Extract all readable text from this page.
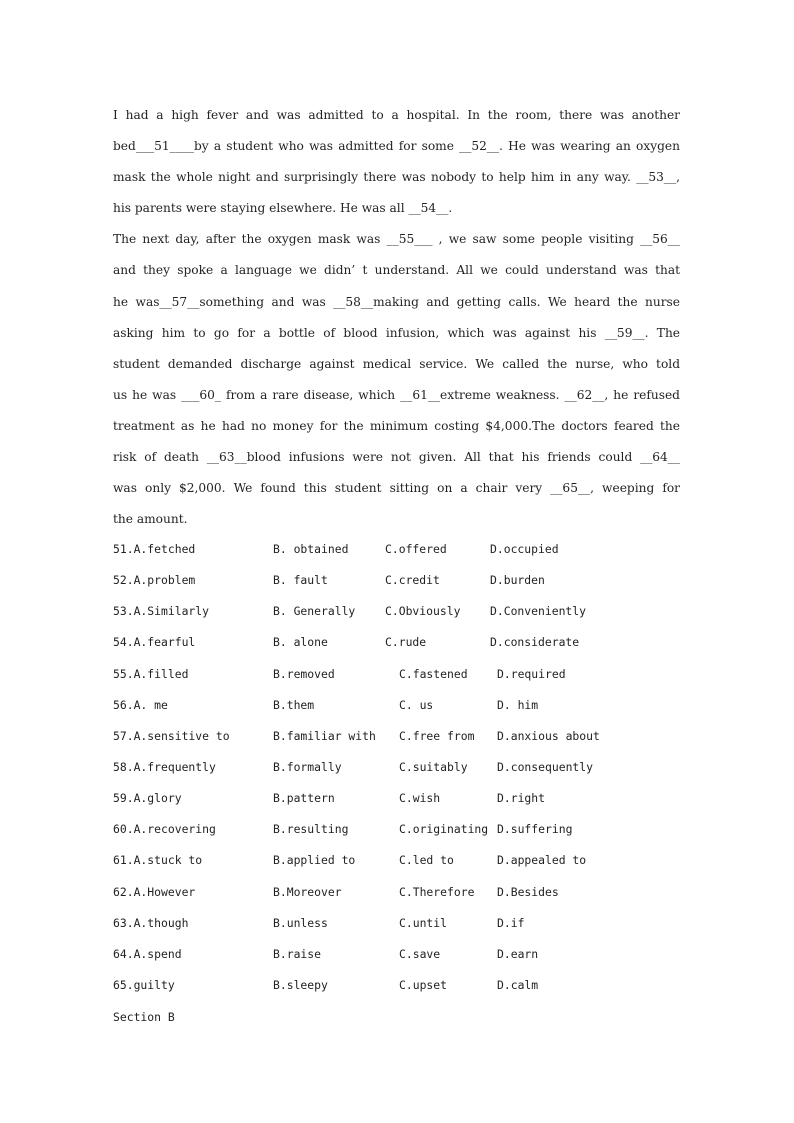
I had a high fever and was admitted to a hospital. In the room, there was another
bed___51____by a student who was admitted for some __52__. He was wearing an oxygen
mask the whole night and surprisingly there was nobody to help him in any way. __53__,
his parents were staying elsewhere. He was all __54__.
The next day, after the oxygen mask was __55___ , we saw some people visiting __56__
and they spoke a language we didn’ t understand. All we could understand was that
he was__57__something and was __58__making and getting calls. We heard the nurse
asking him to go for a bottle of blood infusion, which was against his __59__. The
student demanded discharge against medical service. We called the nurse, who told
us he was ___60_ from a rare disease, which __61__extreme weakness. __62__, he refused
treatment as he had no money for the minimum costing $4,000.The doctors feared the
risk of death __63__blood infusions were not given. All that his friends could __64__
was only $2,000. We found this student sitting on a chair very __65__, weeping for
the amount.
51.A.fetched	B. obtained	C.offered	D.occupied
52.A.problem	B. fault	C.credit	D.burden
53.A.Similarly	B. Generally	C.Obviously	D.Conveniently
54.A.fearful	B. alone	C.rude	D.considerate
55.A.filled	B.removed	C.fastened	D.required
56.A. me	B.them	C. us	D. him
57.A.sensitive to	B.familiar with C.free from D.anxious about
58.A.frequently	B.formally	C.suitably	D.consequently
59.A.glory	B.pattern	C.wish	D.right
60.A.recovering	B.resulting	C.originating D.suffering
61.A.stuck to	B.applied to	C.led to	D.appealed to
62.A.However	B.Moreover	C.Therefore D.Besides
63.A.though	B.unless	C.until	D.if
64.A.spend	B.raise	C.save	D.earn
65.guilty	B.sleepy	C.upset	D.calm
Section B
